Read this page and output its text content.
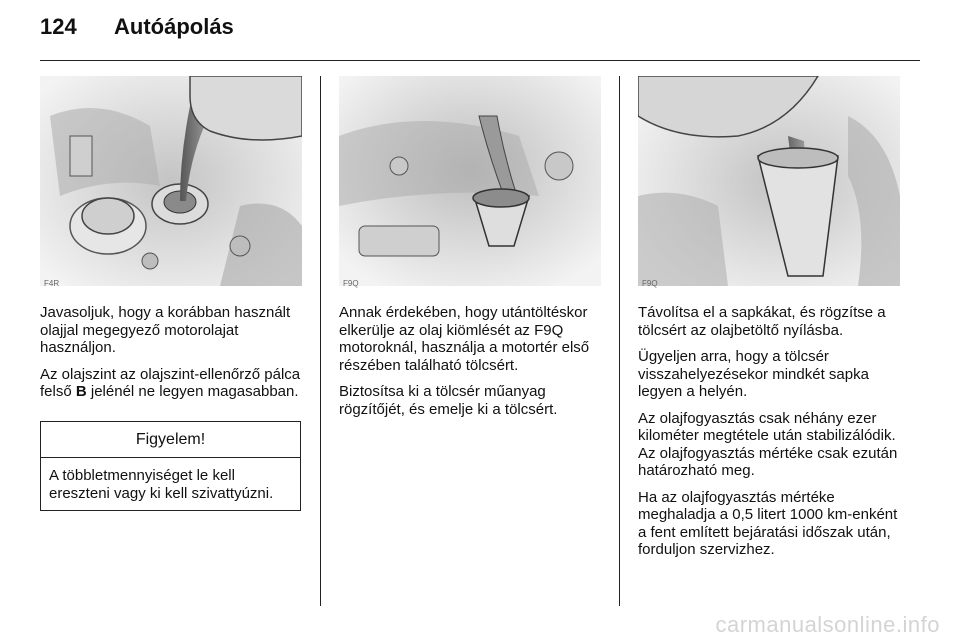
124	Autóápolás
F4R	F9Q	F9Q

Javasoljuk, hogy a korábban használt olajjal megegyező motorolajat használjon.

Az olajszint az olajszint-ellenőrző pálca felső B jelénél ne legyen magasabban.

Figyelem!
A többletmennyiséget le kell ereszteni vagy ki kell szivattyúzni.

Annak érdekében, hogy utántöltéskor elkerülje az olaj kiömlését az F9Q motoroknál, használja a motortér első részében található tölcsért.

Biztosítsa ki a tölcsér műanyag rögzítőjét, és emelje ki a tölcsért.

Távolítsa el a sapkákat, és rögzítse a tölcsért az olajbetöltő nyílásba.

Ügyeljen arra, hogy a tölcsér visszahelyezésekor mindkét sapka legyen a helyén.

Az olajfogyasztás csak néhány ezer kilométer megtétele után stabilizálódik. Az olajfogyasztás mértéke csak ezután határozható meg.

Ha az olajfogyasztás mértéke meghaladja a 0,5 litert 1000 km-enként a fent említett bejáratási időszak után, forduljon szervizhez.

carmanualsonline.info
